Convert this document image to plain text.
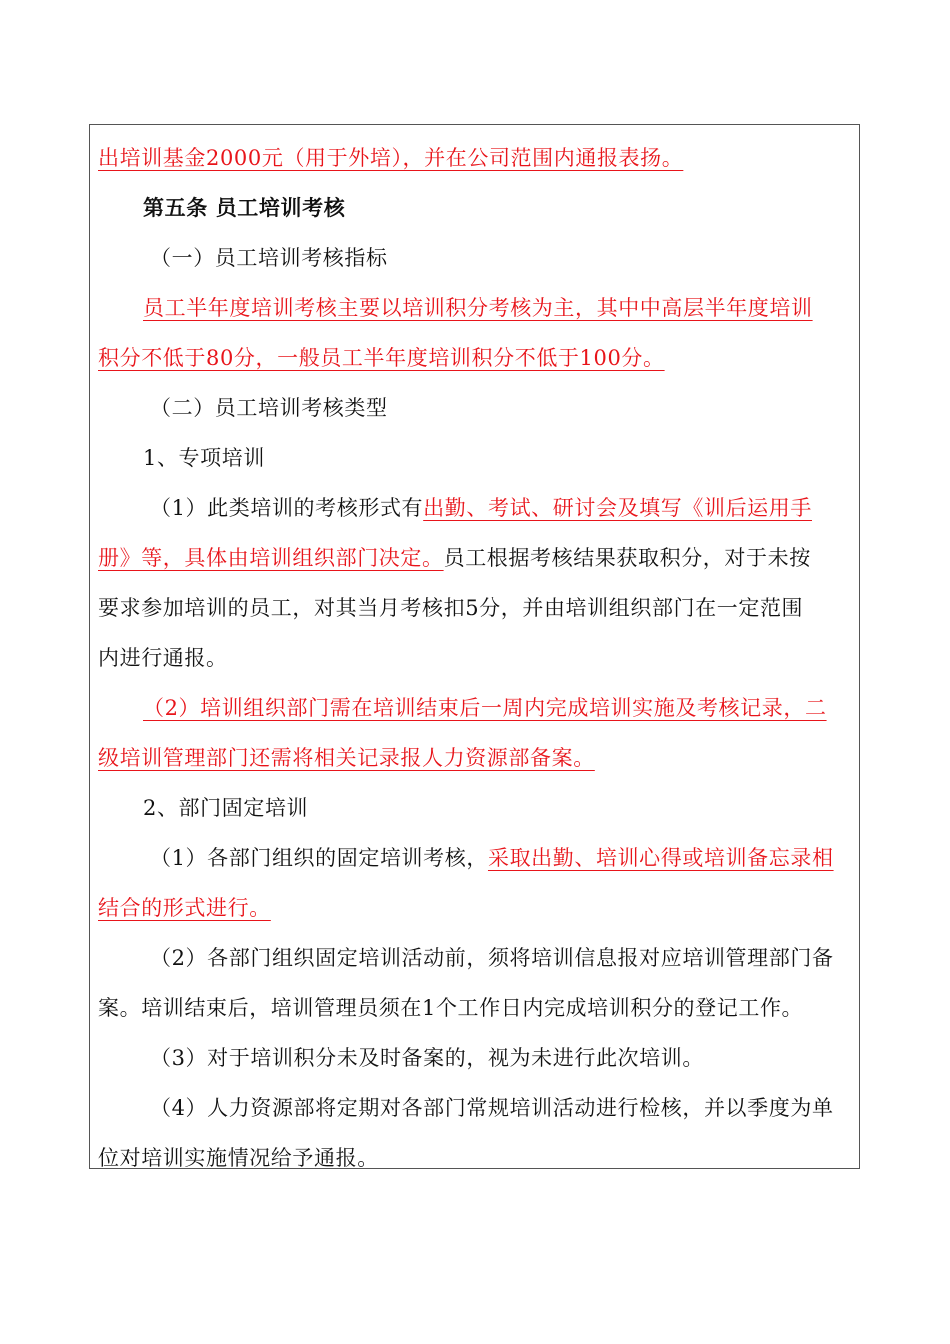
出培训基金2000元（用于外培），并在公司范围内通报表扬。
第五条 员工培训考核
（一）员工培训考核指标
员工半年度培训考核主要以培训积分考核为主，其中中高层半年度培训
积分不低于80分，一般员工半年度培训积分不低于100分。
（二）员工培训考核类型
1、专项培训
（1）此类培训的考核形式有出勤、考试、研讨会及填写《训后运用手
册》等，具体由培训组织部门决定。员工根据考核结果获取积分，对于未按
要求参加培训的员工，对其当月考核扣5分，并由培训组织部门在一定范围
内进行通报。
（2）培训组织部门需在培训结束后一周内完成培训实施及考核记录，二
级培训管理部门还需将相关记录报人力资源部备案。
2、部门固定培训
（1）各部门组织的固定培训考核，采取出勤、培训心得或培训备忘录相
结合的形式进行。
（2）各部门组织固定培训活动前，须将培训信息报对应培训管理部门备
案。培训结束后，培训管理员须在1个工作日内完成培训积分的登记工作。
（3）对于培训积分未及时备案的，视为未进行此次培训。
（4）人力资源部将定期对各部门常规培训活动进行检核，并以季度为单
位对培训实施情况给予通报。
